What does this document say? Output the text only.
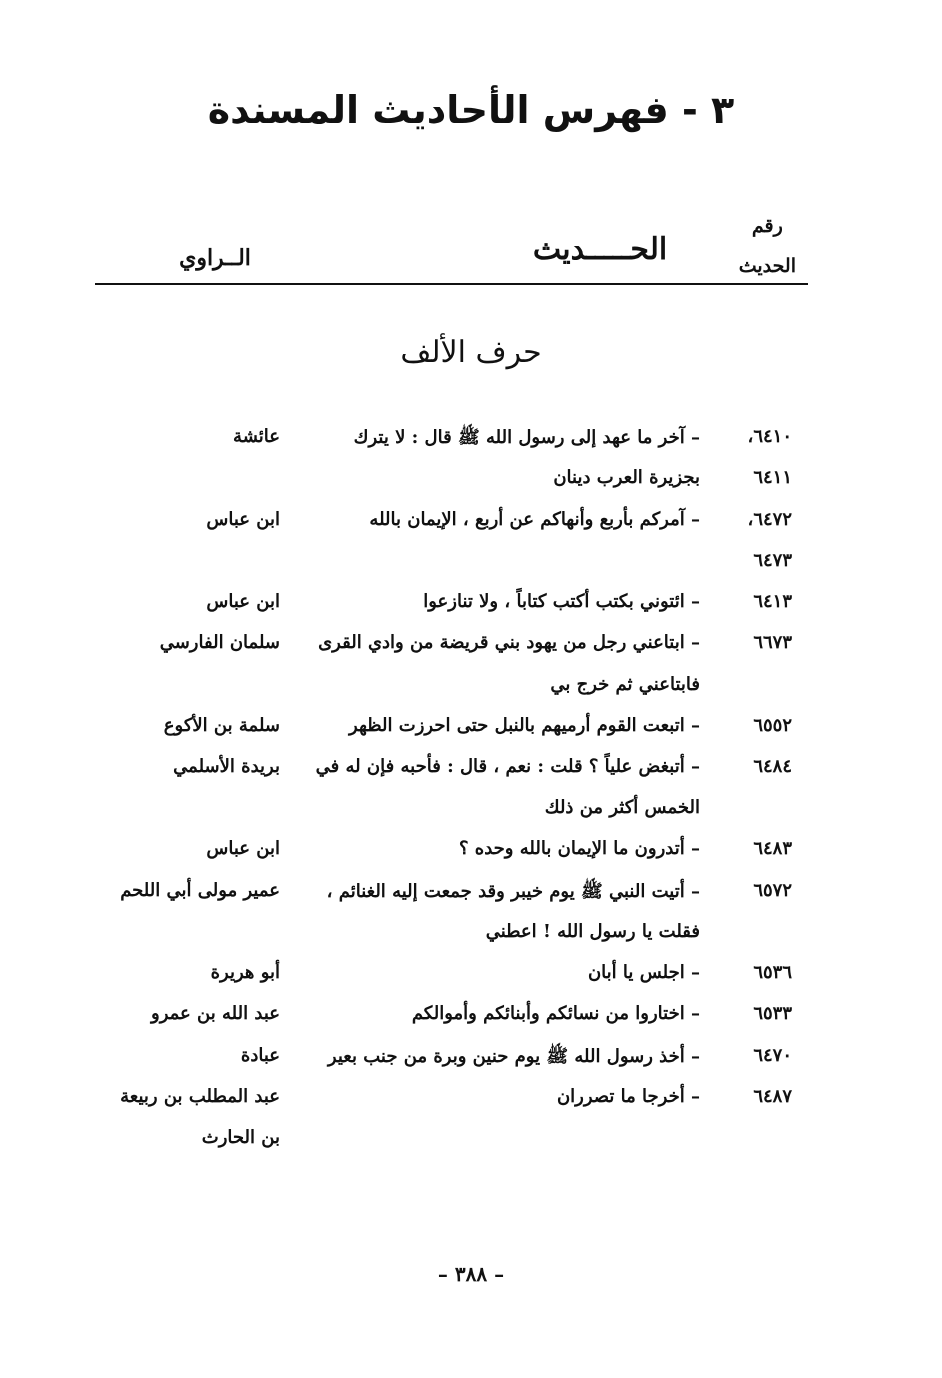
٣ - فهرس الأحاديث المسندة
رقم
الحديث
الحـــــديث
الــراوي
حرف الألف
٦٤١٠،
– آخر ما عهد إلى رسول الله ﷺ قال : لا يترك
عائشة
٦٤١١
بجزيرة العرب دينان
٦٤٧٢،
– آمركم بأربع وأنهاكم عن أربع ، الإيمان بالله
ابن عباس
٦٤٧٣
٦٤١٣
– ائتوني بكتب أكتب كتاباً ، ولا تنازعوا
ابن عباس
٦٦٧٣
– ابتاعني رجل من يهود بني قريضة من وادي القرى
سلمان الفارسي
فابتاعني ثم خرج بي
٦٥٥٢
– اتبعت القوم أرميهم بالنبل حتى احرزت الظهر
سلمة بن الأكوع
٦٤٨٤
– أتبغض علياً ؟ قلت : نعم ، قال : فأحبه فإن له في
بريدة الأسلمي
الخمس أكثر من ذلك
٦٤٨٣
– أتدرون ما الإيمان بالله وحده ؟
ابن عباس
٦٥٧٢
– أتيت النبي ﷺ يوم خيبر وقد جمعت إليه الغنائم ،
عمير مولى أبي اللحم
فقلت يا رسول الله ! اعطني
٦٥٣٦
– اجلس يا أبان
أبو هريرة
٦٥٣٣
– اختاروا من نسائكم وأبنائكم وأموالكم
عبد الله بن عمرو
٦٤٧٠
– أخذ رسول الله ﷺ يوم حنين وبرة من جنب بعير
عبادة
٦٤٨٧
– أخرجا ما تصرران
عبد المطلب بن ربيعة
بن الحارث
– ٣٨٨ –
